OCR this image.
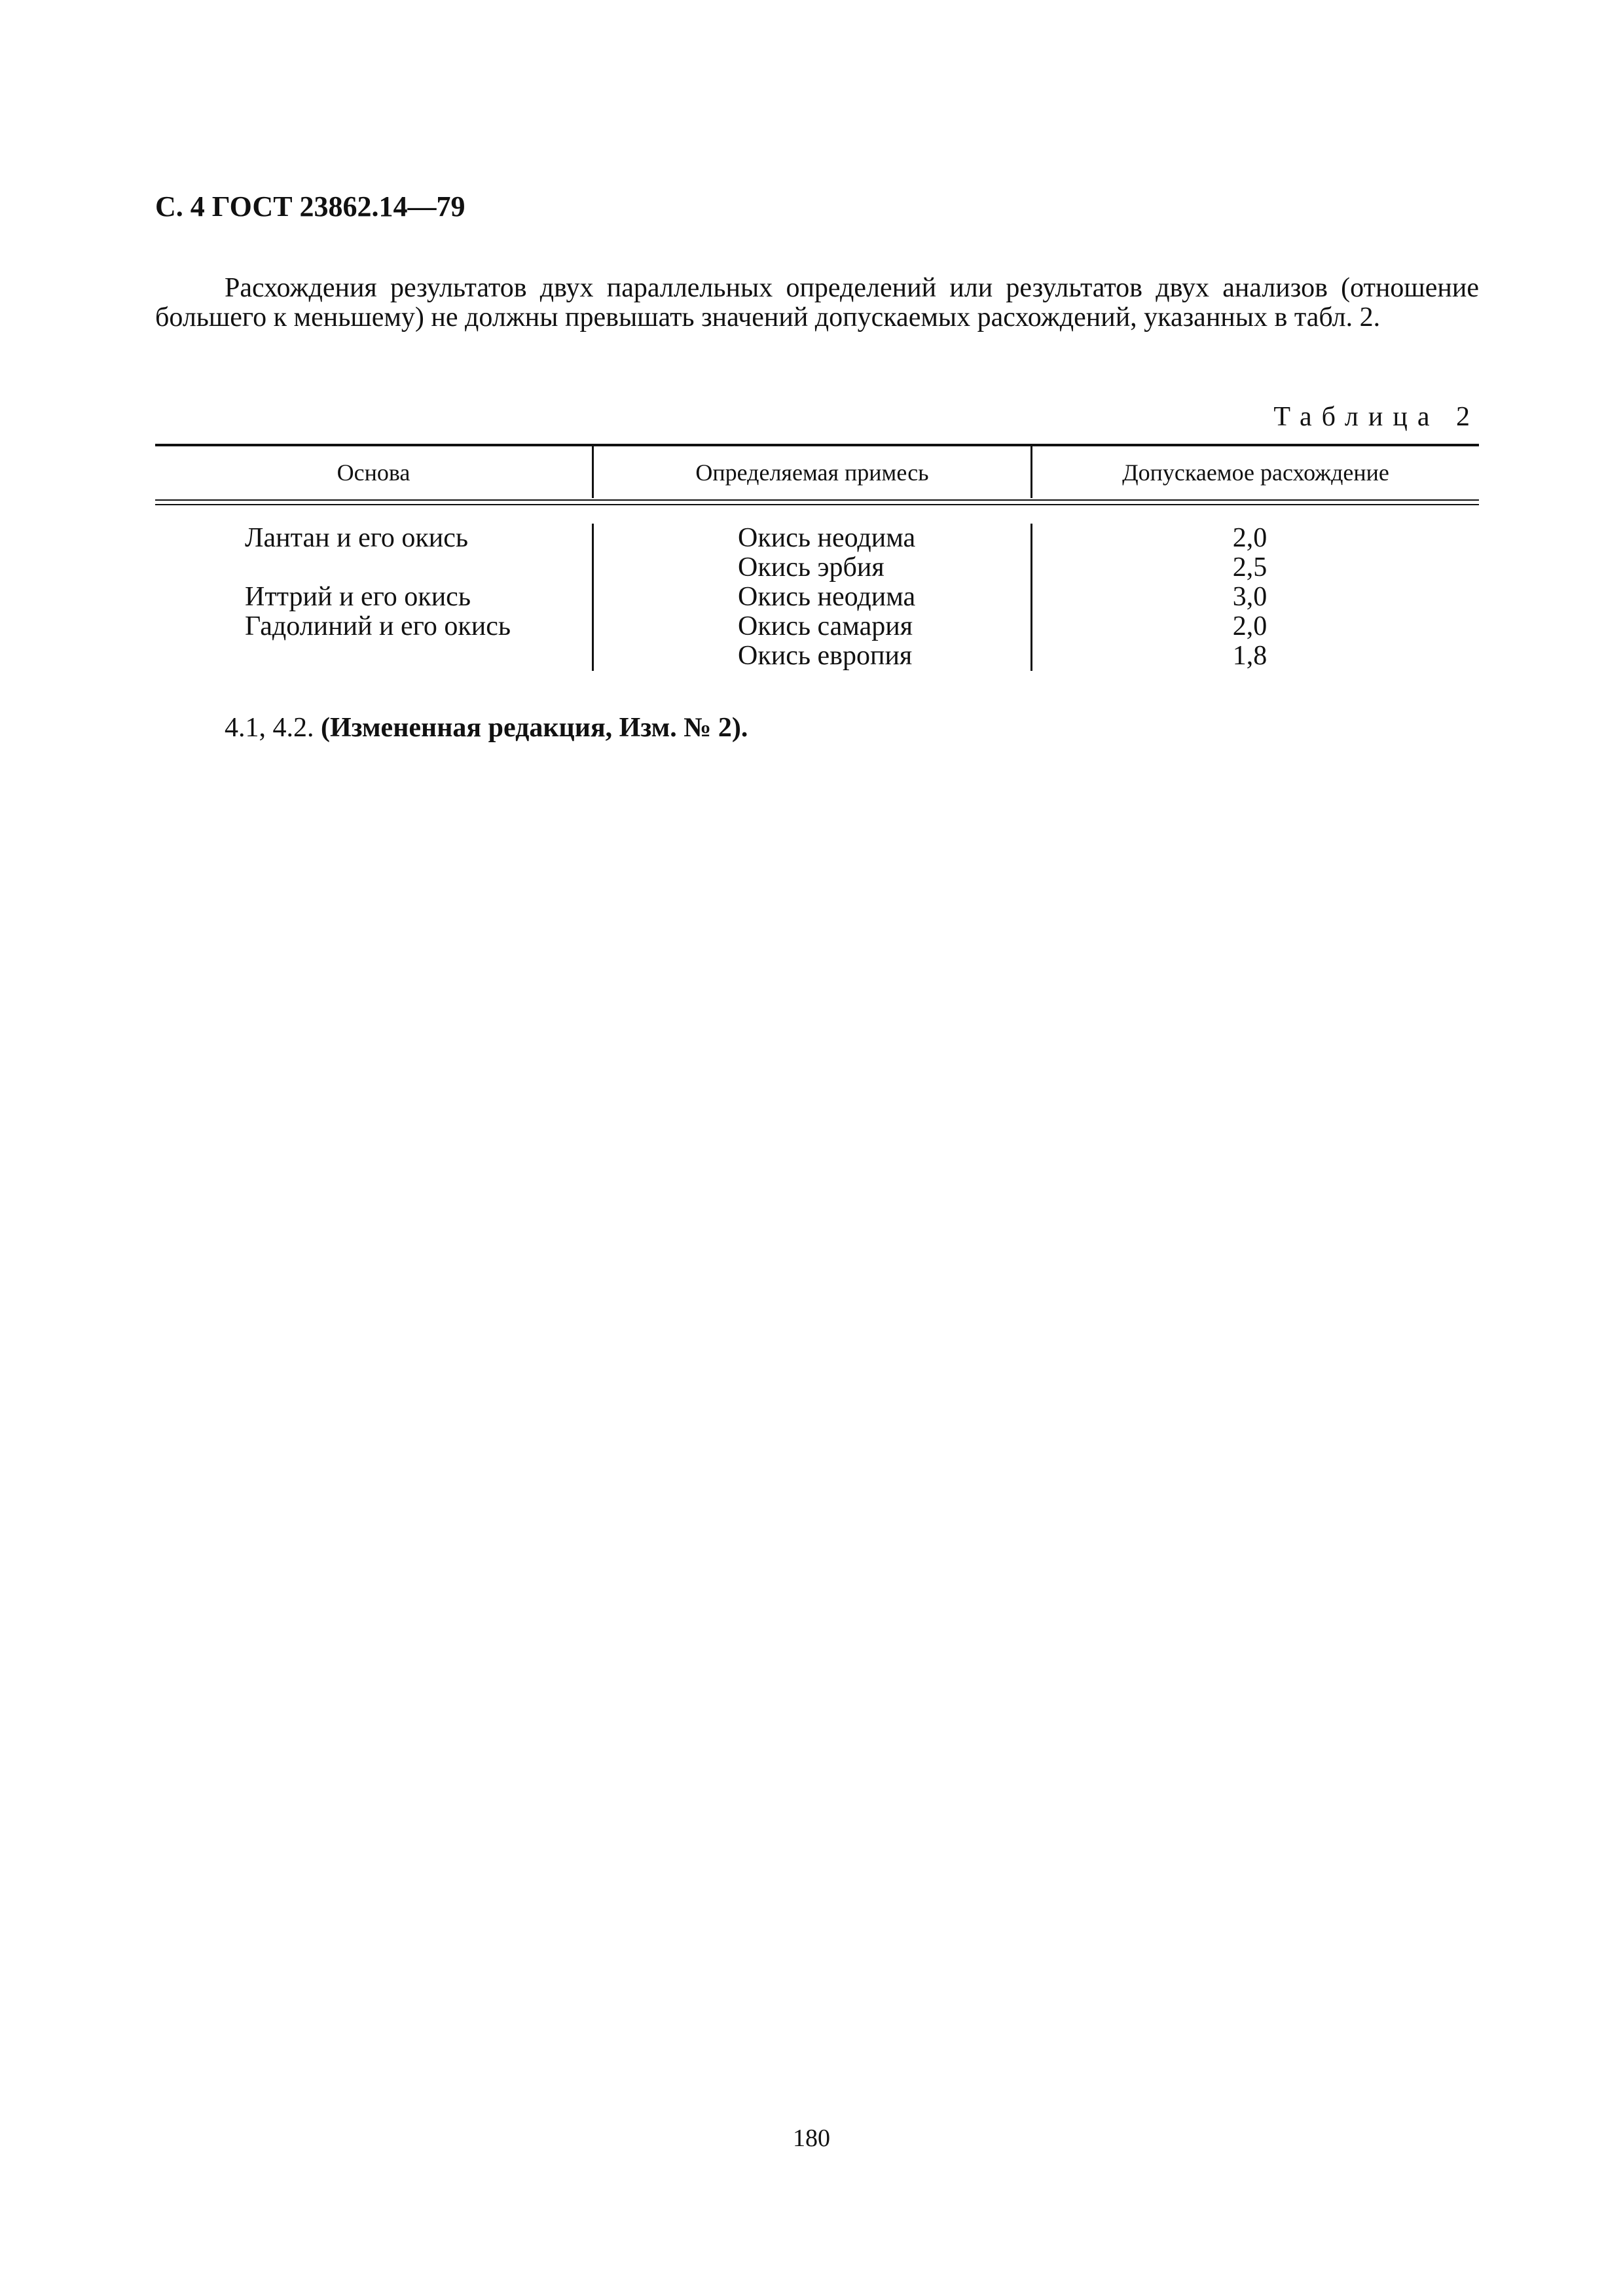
С. 4 ГОСТ 23862.14—79

Расхождения результатов двух параллельных определений или результатов двух анализов (отношение большего к меньшему) не должны превышать значений допускаемых расхождений, указанных в табл. 2.

Таблица 2
Основа	Определяемая примесь	Допускаемое расхождение
Лантан и его окись
Иттрий и его окись
Гадолиний и его окись
Окись неодима
Окись эрбия
Окись неодима
Окись самария
Окись европия
2,0
2,5
3,0
2,0
1,8

4.1, 4.2. (Измененная редакция, Изм. № 2).

180
